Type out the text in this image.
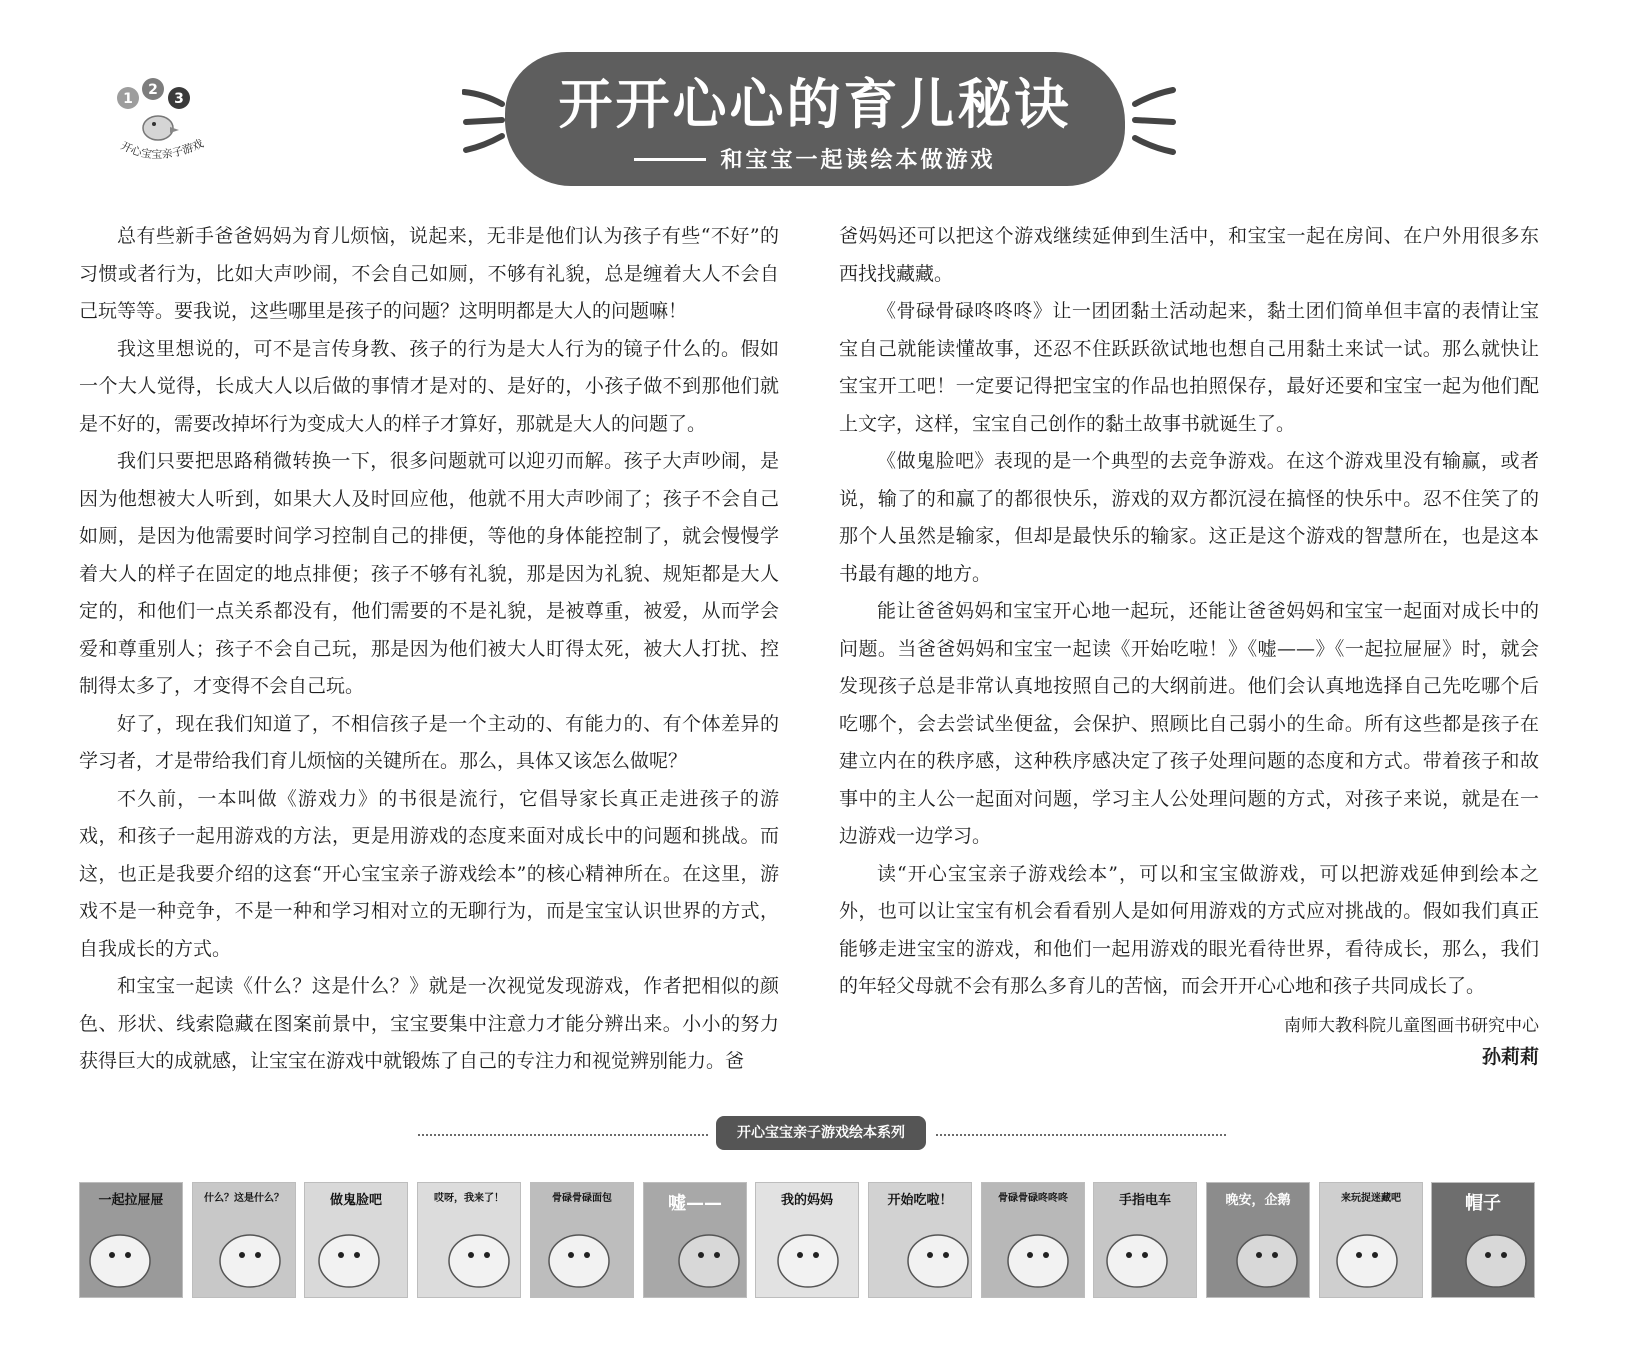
1
2
3
开心宝宝亲子游戏
开开心心的育儿秘诀
和宝宝一起读绘本做游戏

总有些新手爸爸妈妈为育儿烦恼，说起来，无非是他们认为孩子有些“不好”的习惯或者行为，比如大声吵闹，不会自己如厕，不够有礼貌，总是缠着大人不会自己玩等等。要我说，这些哪里是孩子的问题？这明明都是大人的问题嘛！

我这里想说的，可不是言传身教、孩子的行为是大人行为的镜子什么的。假如一个大人觉得，长成大人以后做的事情才是对的、是好的，小孩子做不到那他们就是不好的，需要改掉坏行为变成大人的样子才算好，那就是大人的问题了。

我们只要把思路稍微转换一下，很多问题就可以迎刃而解。孩子大声吵闹，是因为他想被大人听到，如果大人及时回应他，他就不用大声吵闹了；孩子不会自己如厕，是因为他需要时间学习控制自己的排便，等他的身体能控制了，就会慢慢学着大人的样子在固定的地点排便；孩子不够有礼貌，那是因为礼貌、规矩都是大人定的，和他们一点关系都没有，他们需要的不是礼貌，是被尊重，被爱，从而学会爱和尊重别人；孩子不会自己玩，那是因为他们被大人盯得太死，被大人打扰、控制得太多了，才变得不会自己玩。

好了，现在我们知道了，不相信孩子是一个主动的、有能力的、有个体差异的学习者，才是带给我们育儿烦恼的关键所在。那么，具体又该怎么做呢？

不久前，一本叫做《游戏力》的书很是流行，它倡导家长真正走进孩子的游戏，和孩子一起用游戏的方法，更是用游戏的态度来面对成长中的问题和挑战。而这，也正是我要介绍的这套“开心宝宝亲子游戏绘本”的核心精神所在。在这里，游戏不是一种竞争，不是一种和学习相对立的无聊行为，而是宝宝认识世界的方式，自我成长的方式。

和宝宝一起读《什么？这是什么？》就是一次视觉发现游戏，作者把相似的颜色、形状、线索隐藏在图案前景中，宝宝要集中注意力才能分辨出来。小小的努力获得巨大的成就感，让宝宝在游戏中就锻炼了自己的专注力和视觉辨别能力。爸

爸妈妈还可以把这个游戏继续延伸到生活中，和宝宝一起在房间、在户外用很多东西找找藏藏。

《骨碌骨碌咚咚咚》让一团团黏土活动起来，黏土团们简单但丰富的表情让宝宝自己就能读懂故事，还忍不住跃跃欲试地也想自己用黏土来试一试。那么就快让宝宝开工吧！一定要记得把宝宝的作品也拍照保存，最好还要和宝宝一起为他们配上文字，这样，宝宝自己创作的黏土故事书就诞生了。

《做鬼脸吧》表现的是一个典型的去竞争游戏。在这个游戏里没有输赢，或者说，输了的和赢了的都很快乐，游戏的双方都沉浸在搞怪的快乐中。忍不住笑了的那个人虽然是输家，但却是最快乐的输家。这正是这个游戏的智慧所在，也是这本书最有趣的地方。

能让爸爸妈妈和宝宝开心地一起玩，还能让爸爸妈妈和宝宝一起面对成长中的问题。当爸爸妈妈和宝宝一起读《开始吃啦！》《嘘——》《一起拉屉屉》时，就会发现孩子总是非常认真地按照自己的大纲前进。他们会认真地选择自己先吃哪个后吃哪个，会去尝试坐便盆，会保护、照顾比自己弱小的生命。所有这些都是孩子在建立内在的秩序感，这种秩序感决定了孩子处理问题的态度和方式。带着孩子和故事中的主人公一起面对问题，学习主人公处理问题的方式，对孩子来说，就是在一边游戏一边学习。

读“开心宝宝亲子游戏绘本”，可以和宝宝做游戏，可以把游戏延伸到绘本之外，也可以让宝宝有机会看看别人是如何用游戏的方式应对挑战的。假如我们真正能够走进宝宝的游戏，和他们一起用游戏的眼光看待世界，看待成长，那么，我们的年轻父母就不会有那么多育儿的苦恼，而会开开心心地和孩子共同成长了。

南师大教科院儿童图画书研究中心
孙莉莉
开心宝宝亲子游戏绘本系列
一起拉屉屉	什么？这是什么？	做鬼脸吧	哎呀，我来了！	骨碌骨碌面包	嘘——	我的妈妈	开始吃啦！	骨碌骨碌咚咚咚	手指电车	晚安，企鹅	来玩捉迷藏吧	帽子
